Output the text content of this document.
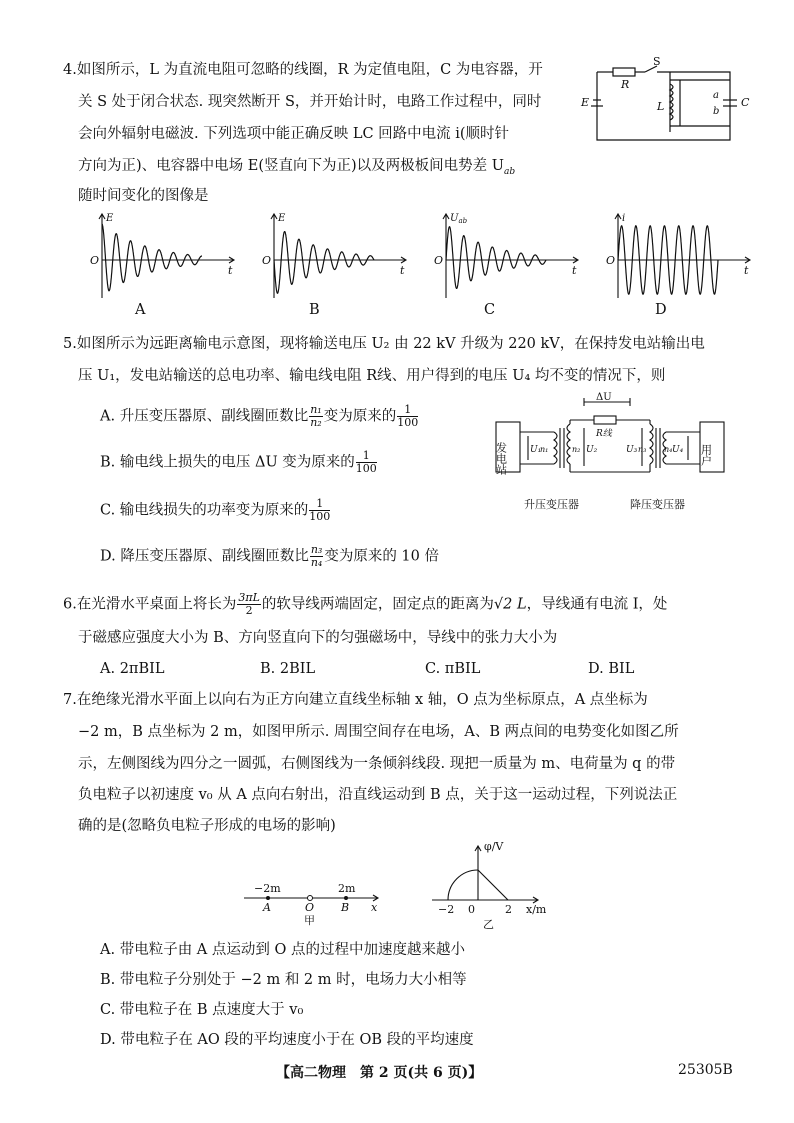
4.如图所示，L 为直流电阻可忽略的线圈，R 为定值电阻，C 为电容器，开
关 S 处于闭合状态. 现突然断开 S，并开始计时，电路工作过程中，同时
会向外辐射电磁波. 下列选项中能正确反映 LC 回路中电流 i(顺时针
方向为正)、电容器中电场 E(竖直向下为正)以及两极板间电势差 $U_{ab}$
随时间变化的图像是
R
S
E	L	C
a
b
E
t
O
E
t
O
$U_{ab}$
t
O
i
t
O
A	B	C	D
5.如图所示为远距离输电示意图，现将输送电压 U₂ 由 22 kV 升级为 220 kV，在保持发电站输出电
压 U₁，发电站输送的总电功率、输电线电阻 R线、用户得到的电压 U₄ 均不变的情况下，则
A. 升压变压器原、副线圈匝数比 $\frac{\text{n₁}}{\text{n₂}}$ 变为原来的 $\frac{1}{100}$
B. 输电线上损失的电压 ΔU 变为原来的 $\frac{1}{100}$
C. 输电线损失的功率变为原来的 $\frac{1}{100}$
D. 降压变压器原、副线圈匝数比 $\frac{\text{n₃}}{\text{n₄}}$ 变为原来的 10 倍
发电站	用户
ΔU
R线
U₁	U₂	U₃	U₄
n₁	n₂	n₃ n₄
升压变压器	降压变压器
6.在光滑水平桌面上将长为 $\frac{3\pi L}{2}$ 的软导线两端固定，固定点的距离为√2 L，导线通有电流 I，处
于磁感应强度大小为 B、方向竖直向下的匀强磁场中，导线中的张力大小为
A. 2πBIL	B. 2BIL	C. πBIL	D. BIL
7.在绝缘光滑水平面上以向右为正方向建立直线坐标轴 x 轴，O 点为坐标原点，A 点坐标为
−2 m，B 点坐标为 2 m，如图甲所示. 周围空间存在电场，A、B 两点间的电势变化如图乙所
示，左侧图线为四分之一圆弧，右侧图线为一条倾斜线段. 现把一质量为 m、电荷量为 q 的带
负电粒子以初速度 v₀ 从 A 点向右射出，沿直线运动到 B 点，关于这一运动过程，下列说法正
确的是(忽略负电粒子形成的电场的影响)
−2m	2m
A	O B x
甲
φ/V
x/m
−2 0	2
乙
A. 带电粒子由 A 点运动到 O 点的过程中加速度越来越小
B. 带电粒子分别处于 −2 m 和 2 m 时，电场力大小相等
C. 带电粒子在 B 点速度大于 v₀
D. 带电粒子在 AO 段的平均速度小于在 OB 段的平均速度
【高二物理　第 2 页(共 6 页)】	25305B
